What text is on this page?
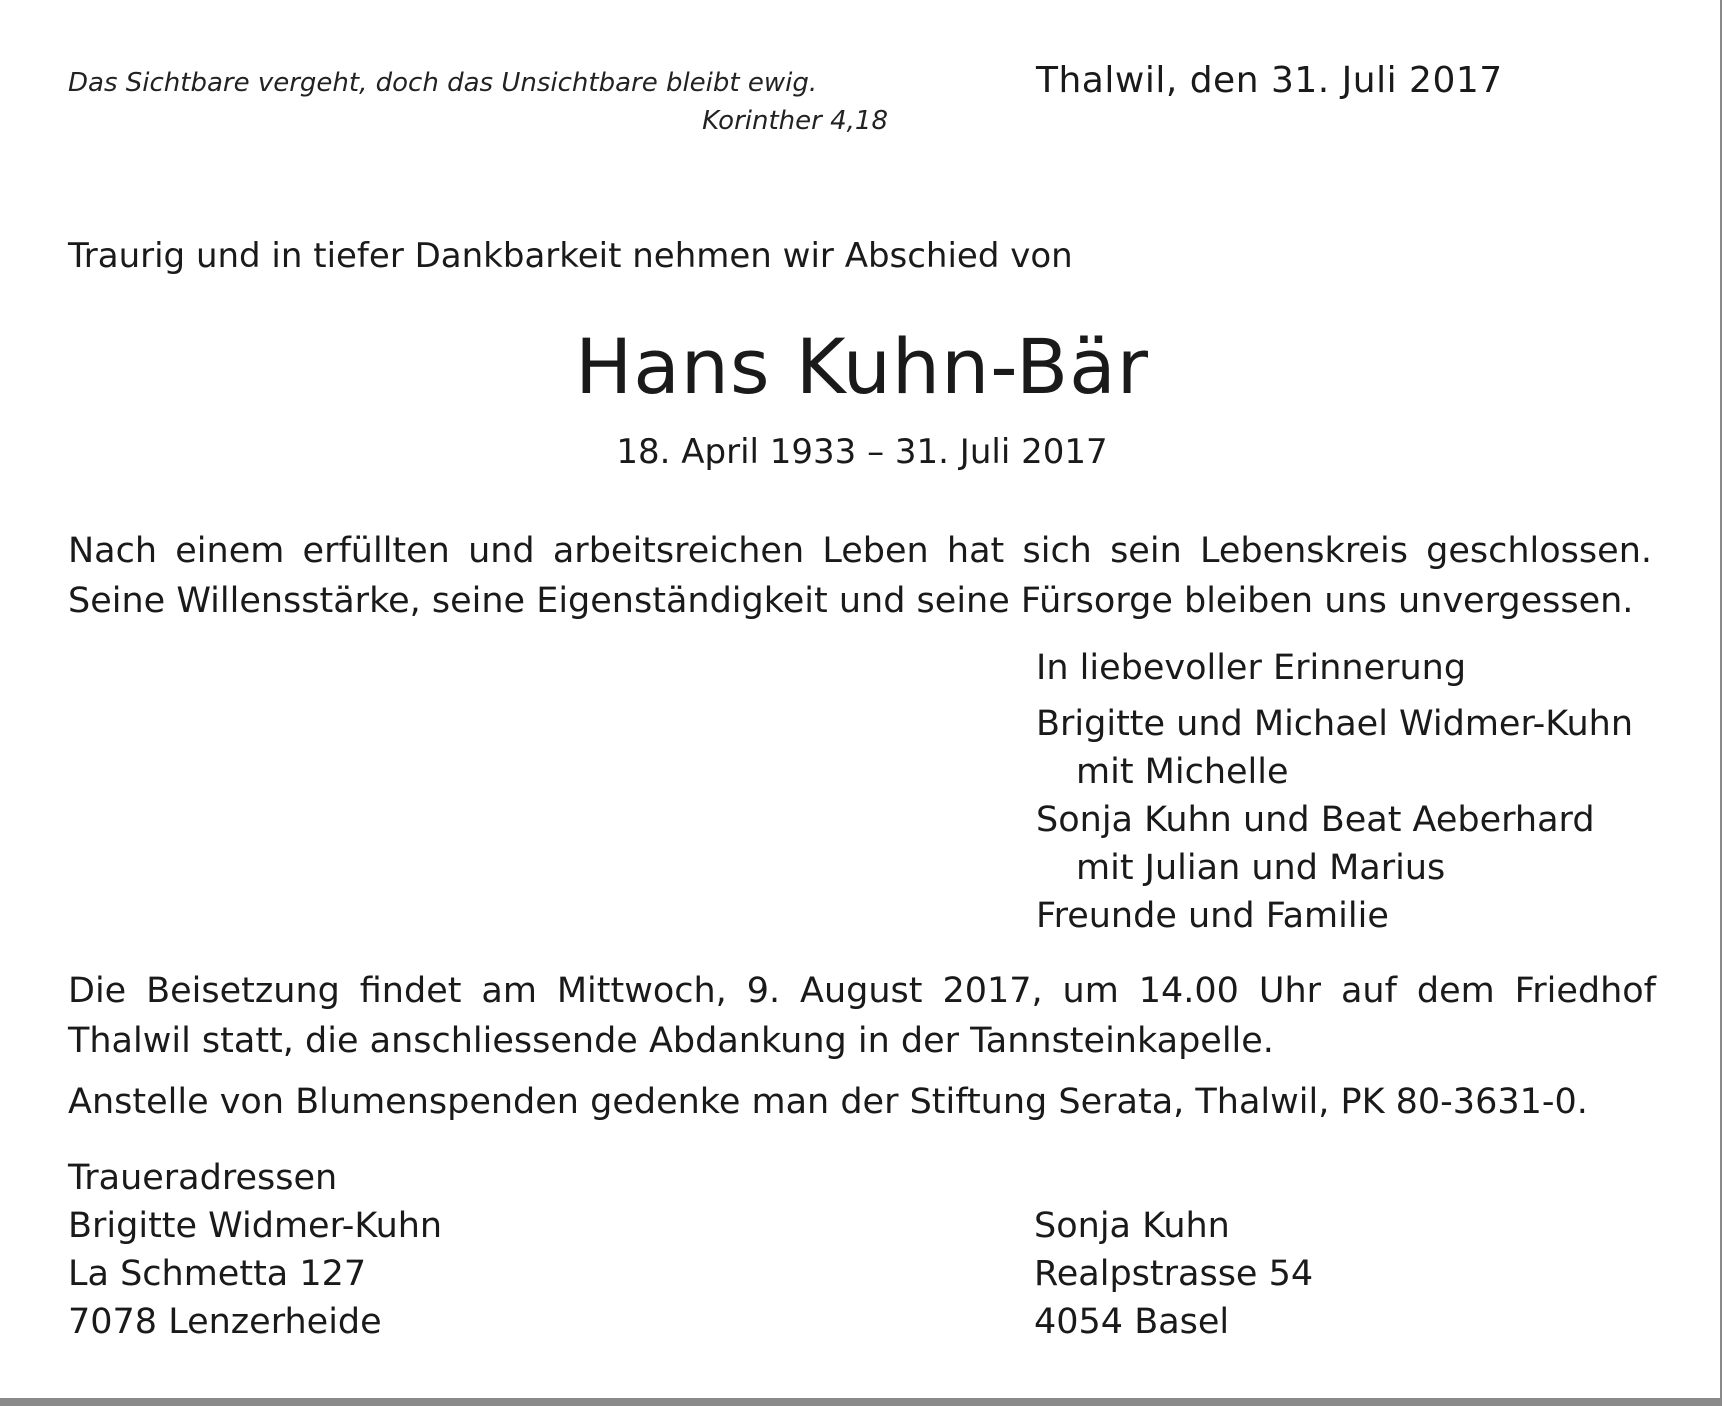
Das Sichtbare vergeht, doch das Unsichtbare bleibt ewig.
Korinther 4,18
Thalwil, den 31. Juli 2017
Traurig und in tiefer Dankbarkeit nehmen wir Abschied von
Hans Kuhn-Bär
18. April 1933 – 31. Juli 2017
Nach einem erfüllten und arbeitsreichen Leben hat sich sein Lebenskreis geschlossen.
Seine Willensstärke, seine Eigenständigkeit und seine Fürsorge bleiben uns unvergessen.
In liebevoller Erinnerung
Brigitte und Michael Widmer-Kuhn
mit Michelle
Sonja Kuhn und Beat Aeberhard
mit Julian und Marius
Freunde und Familie
Die Beisetzung findet am Mittwoch, 9. August 2017, um 14.00 Uhr auf dem Friedhof
Thalwil statt, die anschliessende Abdankung in der Tannsteinkapelle.
Anstelle von Blumenspenden gedenke man der Stiftung Serata, Thalwil, PK 80-3631-0.
Traueradressen
Brigitte Widmer-Kuhn
La Schmetta 127
7078 Lenzerheide
Sonja Kuhn
Realpstrasse 54
4054 Basel
